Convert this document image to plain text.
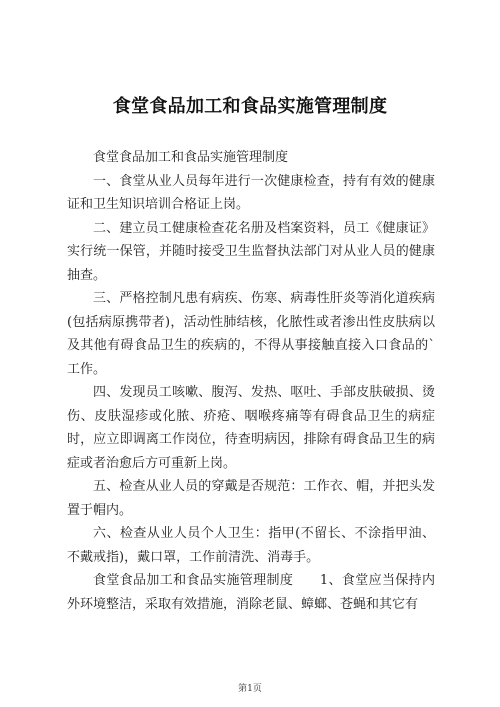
食堂食品加工和食品实施管理制度

食堂食品加工和食品实施管理制度

一、食堂从业人员每年进行一次健康检查，持有有效的健康证和卫生知识培训合格证上岗。

二、建立员工健康检查花名册及档案资料，员工《健康证》实行统一保管，并随时接受卫生监督执法部门对从业人员的健康抽查。

三、严格控制凡患有病疾、伤寒、病毒性肝炎等消化道疾病(包括病原携带者)，活动性肺结核，化脓性或者渗出性皮肤病以及其他有碍食品卫生的疾病的，不得从事接触直接入口食品的`工作。

四、发现员工咳嗽、腹泻、发热、呕吐、手部皮肤破损、烫伤、皮肤湿疹或化脓、疥疮、咽喉疼痛等有碍食品卫生的病症时，应立即调离工作岗位，待查明病因，排除有碍食品卫生的病症或者治愈后方可重新上岗。

五、检查从业人员的穿戴是否规范：工作衣、帽，并把头发置于帽内。

六、检查从业人员个人卫生：指甲(不留长、不涂指甲油、不戴戒指)，戴口罩，工作前清洗、消毒手。

食堂食品加工和食品实施管理制度　　1、食堂应当保持内外环境整洁，采取有效措施，消除老鼠、蟑螂、苍蝇和其它有

第1页
